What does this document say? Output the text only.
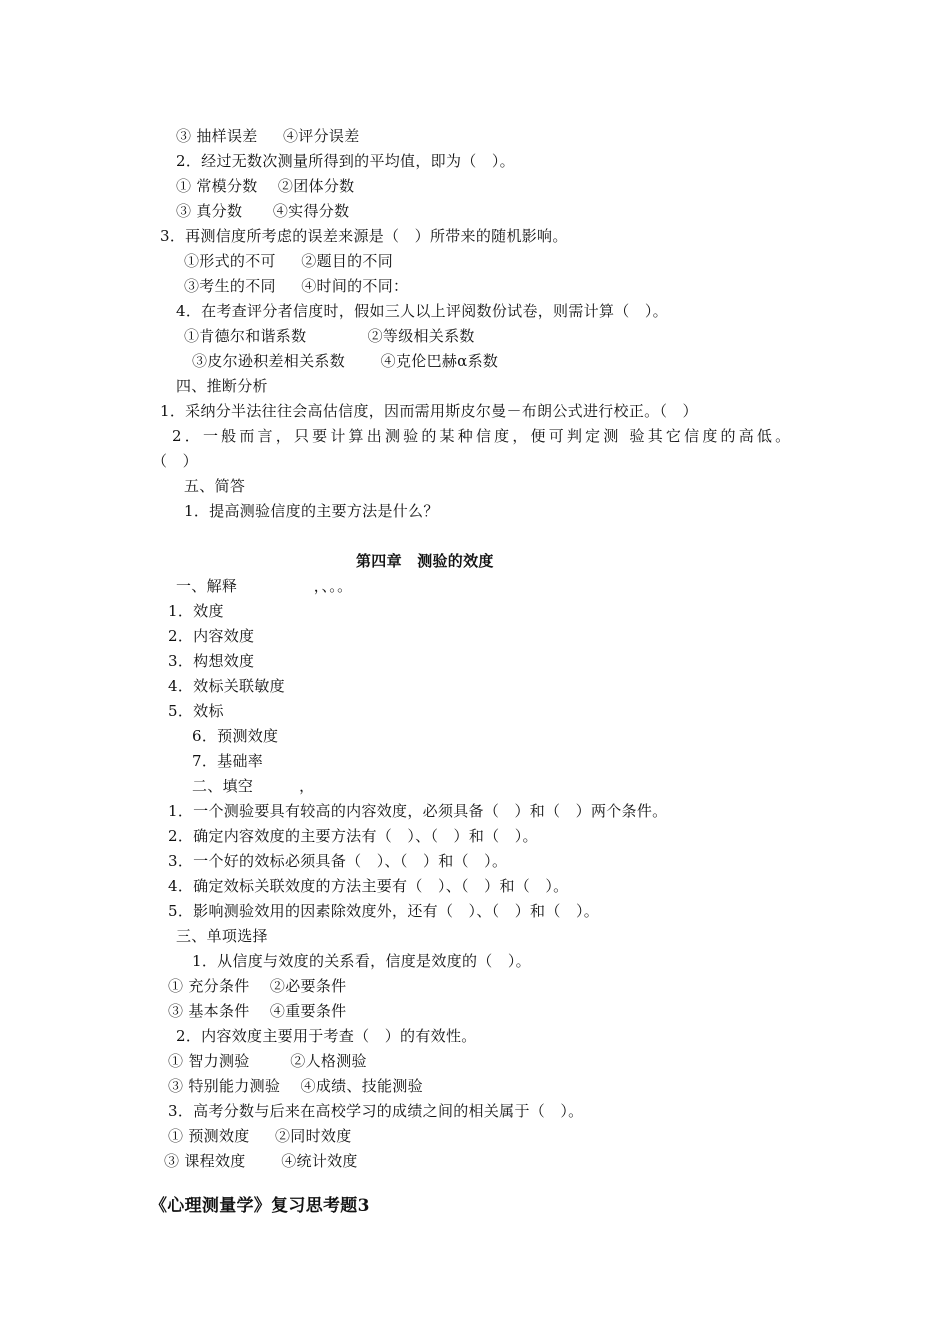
③ 抽样误差　  ④评分误差
2．经过无数次测量所得到的平均值，即为（　）。
① 常模分数　 ②团体分数
③ 真分数　　④实得分数
3．再测信度所考虑的误差来源是（　）所带来的随机影响。
①形式的不可　  ②题目的不同
③考生的不同　  ④时间的不同：
4．在考查评分者信度时，假如三人以上评阅数份试卷，则需计算（　）。
①肯德尔和谐系数　　　　②等级相关系数
③皮尔逊积差相关系数　　 ④克伦巴赫α系数
四、推断分析
1．采纳分半法往往会高估信度，因而需用斯皮尔曼－布朗公式进行校正。（　）
2．一般而言，只要计算出测验的某种信度，便可判定测 验其它信度的高低。
（　）
五、简答
1．提高测验信度的主要方法是什么？
第四章　测验的效度
一、解释　　　　　，、。。
1．效度
2．内容效度
3．构想效度
4．效标关联敏度
5．效标
6．预测效度
7．基础率
二、填空　　　，
1．一个测验要具有较高的内容效度，必须具备（　）和（　）两个条件。
2．确定内容效度的主要方法有（　）、（　）和（　）。
3．一个好的效标必须具备（　）、（　）和（　）。
4．确定效标关联效度的方法主要有（　）、（　）和（　）。
5．影响测验效用的因素除效度外，还有（　）、（　）和（　）。
三、单项选择
1．从信度与效度的关系看，信度是效度的（　）。
① 充分条件　 ②必要条件
③ 基本条件　 ④重要条件
2．内容效度主要用于考查（　）的有效性。
① 智力测验　　  ②人格测验
③ 特别能力测验　 ④成绩、技能测验
3．高考分数与后来在高校学习的成绩之间的相关属于（　）。
① 预测效度　  ②同时效度
③ 课程效度　　 ④统计效度
《心理测量学》复习思考题3
